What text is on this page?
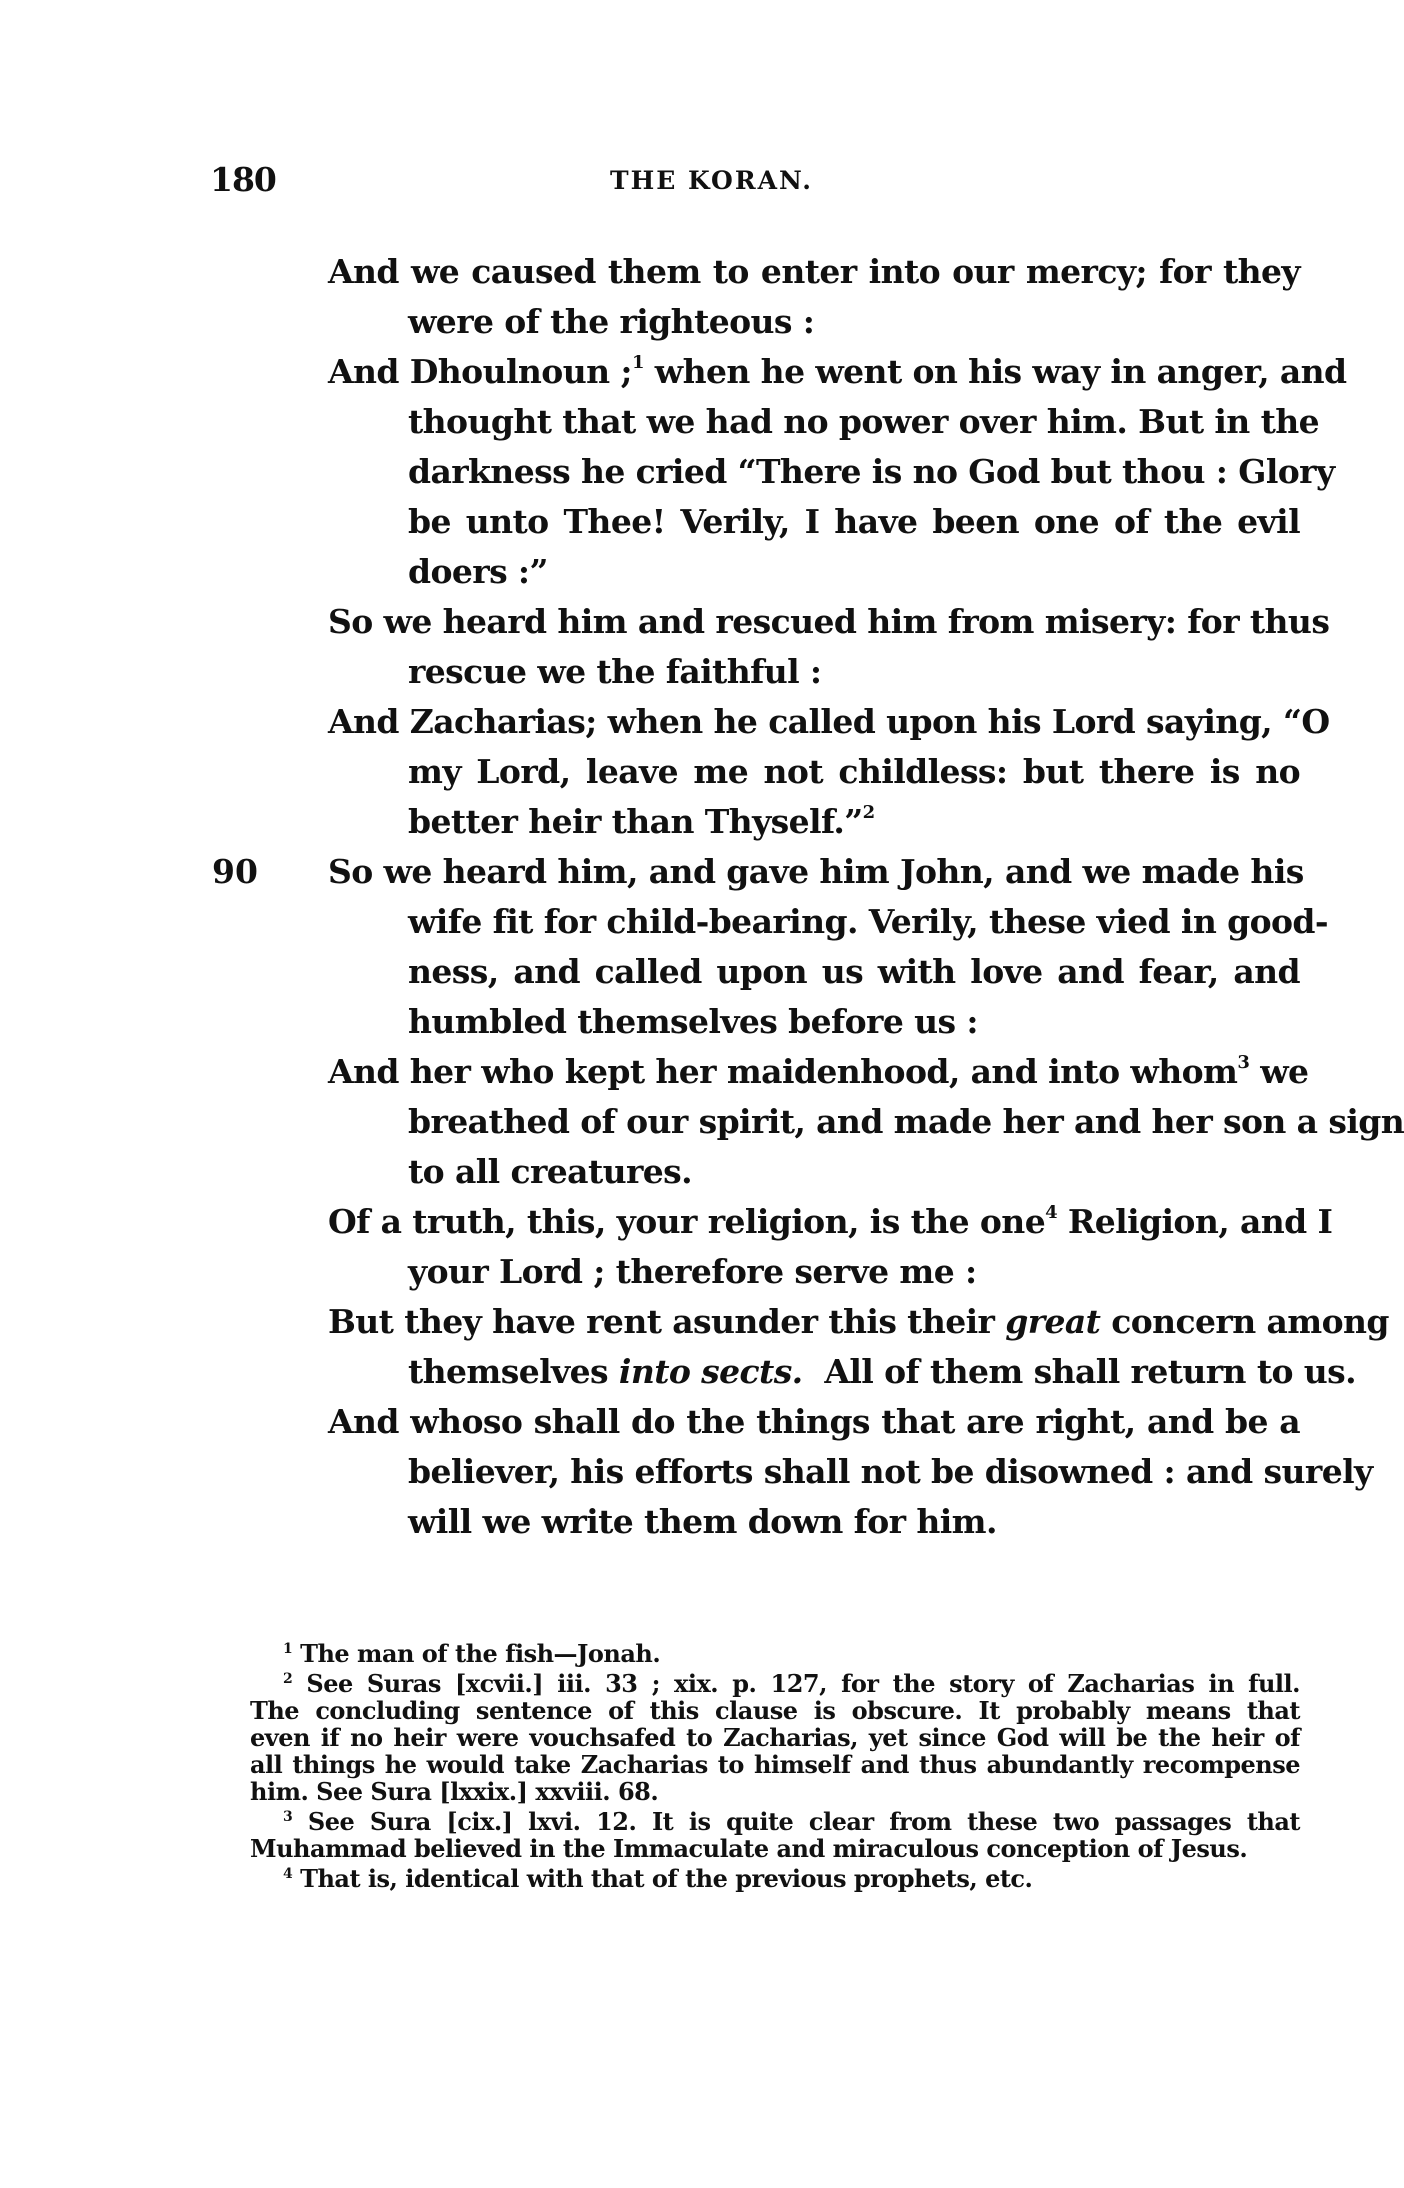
180	THE KORAN.
And we caused them to enter into our mercy; for they
were of the righteous :
And Dhoulnoun ;$^1$ when he went on his way in anger, and
thought that we had no power over him. But in the
darkness he cried “There is no God but thou : Glory
be unto Thee! Verily, I have been one of the evil
doers :”
So we heard him and rescued him from misery: for thus
rescue we the faithful :
And Zacharias; when he called upon his Lord saying, “O
my Lord, leave me not childless: but there is no
better heir than Thyself.”$^2$
90 So we heard him, and gave him John, and we made his
wife fit for child-bearing. Verily, these vied in good-
ness, and called upon us with love and fear, and
humbled themselves before us :
And her who kept her maidenhood, and into whom$^3$ we
breathed of our spirit, and made her and her son a sign
to all creatures.
Of a truth, this, your religion, is the one$^4$ Religion, and I
your Lord ; therefore serve me :
But they have rent asunder this their great concern among
themselves into sects. All of them shall return to us.
And whoso shall do the things that are right, and be a
believer, his efforts shall not be disowned : and surely
will we write them down for him.
$^1$ The man of the fish—Jonah.
$^2$ See Suras [xcvii.] iii. 33 ; xix. p. 127, for the story of Zacharias in full.
The concluding sentence of this clause is obscure. It probably means that
even if no heir were vouchsafed to Zacharias, yet since God will be the heir of
all things he would take Zacharias to himself and thus abundantly recompense
him. See Sura [lxxix.] xxviii. 68.
$^3$ See Sura [cix.] lxvi. 12. It is quite clear from these two passages that
Muhammad believed in the Immaculate and miraculous conception of Jesus.
$^4$ That is, identical with that of the previous prophets, etc.
